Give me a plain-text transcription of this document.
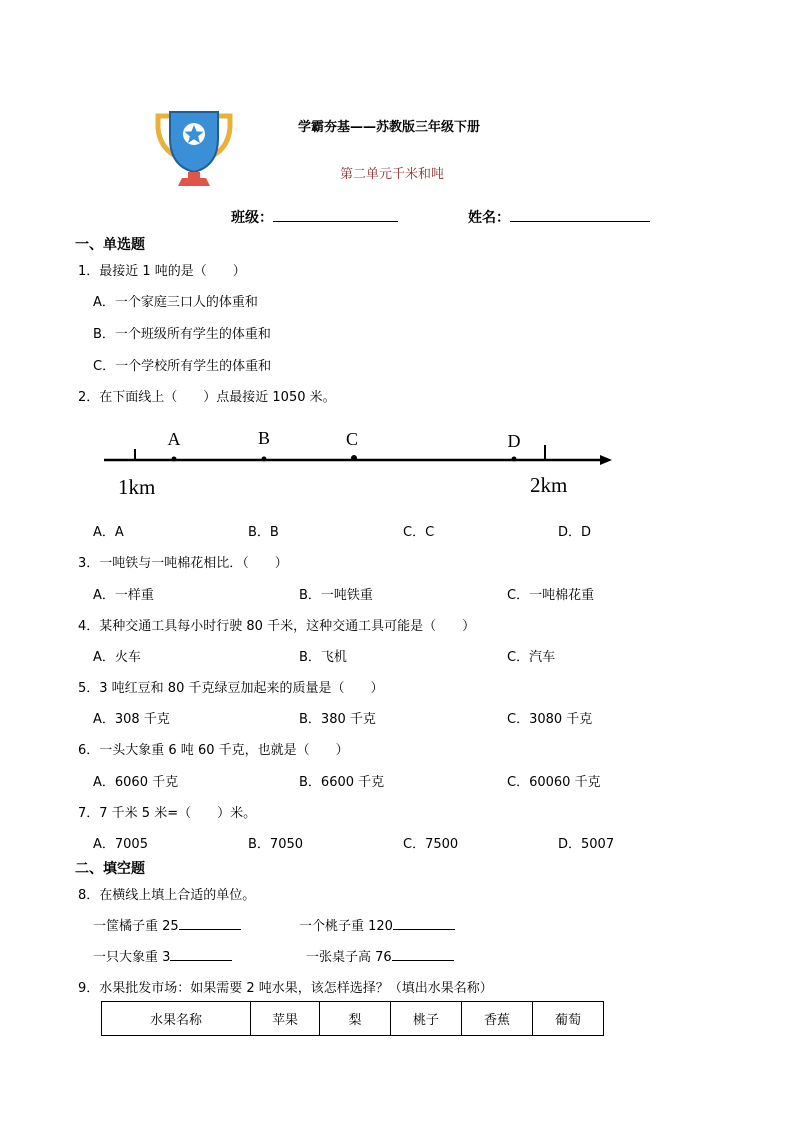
学霸夯基——苏教版三年级下册
第二单元千米和吨
班级：	姓名：
一、单选题
1．最接近 1 吨的是（　　）
A．一个家庭三口人的体重和
B．一个班级所有学生的体重和
C．一个学校所有学生的体重和
2．在下面线上（　　）点最接近 1050 米。
A	B	C	D
1km	2km
A．A	B．B	C．C	D．D
3．一吨铁与一吨棉花相比．（　　）
A．一样重	B．一吨铁重	C．一吨棉花重
4．某种交通工具每小时行驶 80 千米，这种交通工具可能是（　　）
A．火车	B．飞机	C．汽车
5．3 吨红豆和 80 千克绿豆加起来的质量是（　　）
A．308 千克	B．380 千克	C．3080 千克
6．一头大象重 6 吨 60 千克，也就是（　　）
A．6060 千克	B．6600 千克	C．60060 千克
7．7 千米 5 米=（　　）米。
A．7005	B．7050	C．7500	D．5007
二、填空题
8．在横线上填上合适的单位。
一筐橘子重 25	一个桃子重 120
一只大象重 3	一张桌子高 76
9．水果批发市场：如果需要 2 吨水果，该怎样选择？（填出水果名称）
水果名称	苹果	梨	桃子	香蕉	葡萄
